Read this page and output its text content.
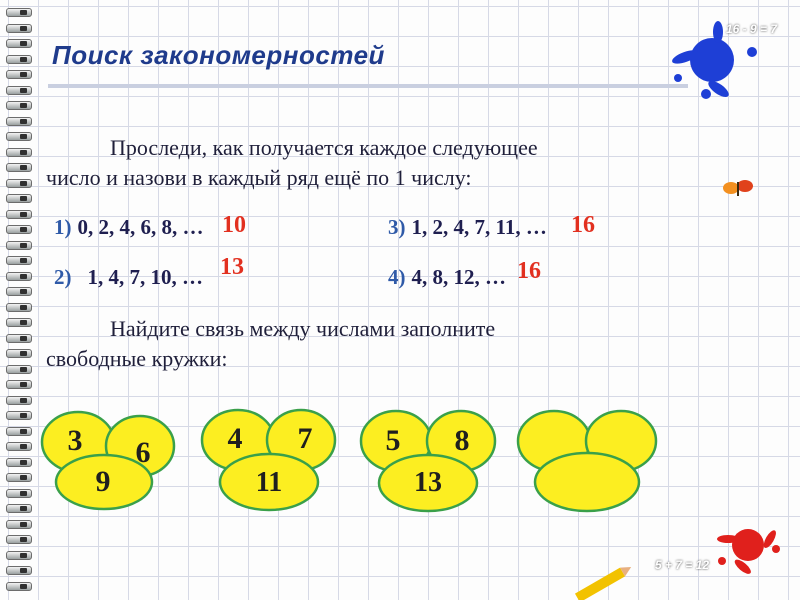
Поиск закономерностей
16 - 9 = 7
5 + 7 = 12
Проследи, как получается каждое следующее
число и назови в каждый ряд ещё по 1 числу:
1) 0, 2, 4, 6, 8, … 10
2) 1, 4, 7, 10, … 13
3) 1, 2, 4, 7, 11, … 16
4) 4, 8, 12, … 16
Найдите связь между числами заполните
свободные кружки:
3	6
9
4	7
11
5	8
13
